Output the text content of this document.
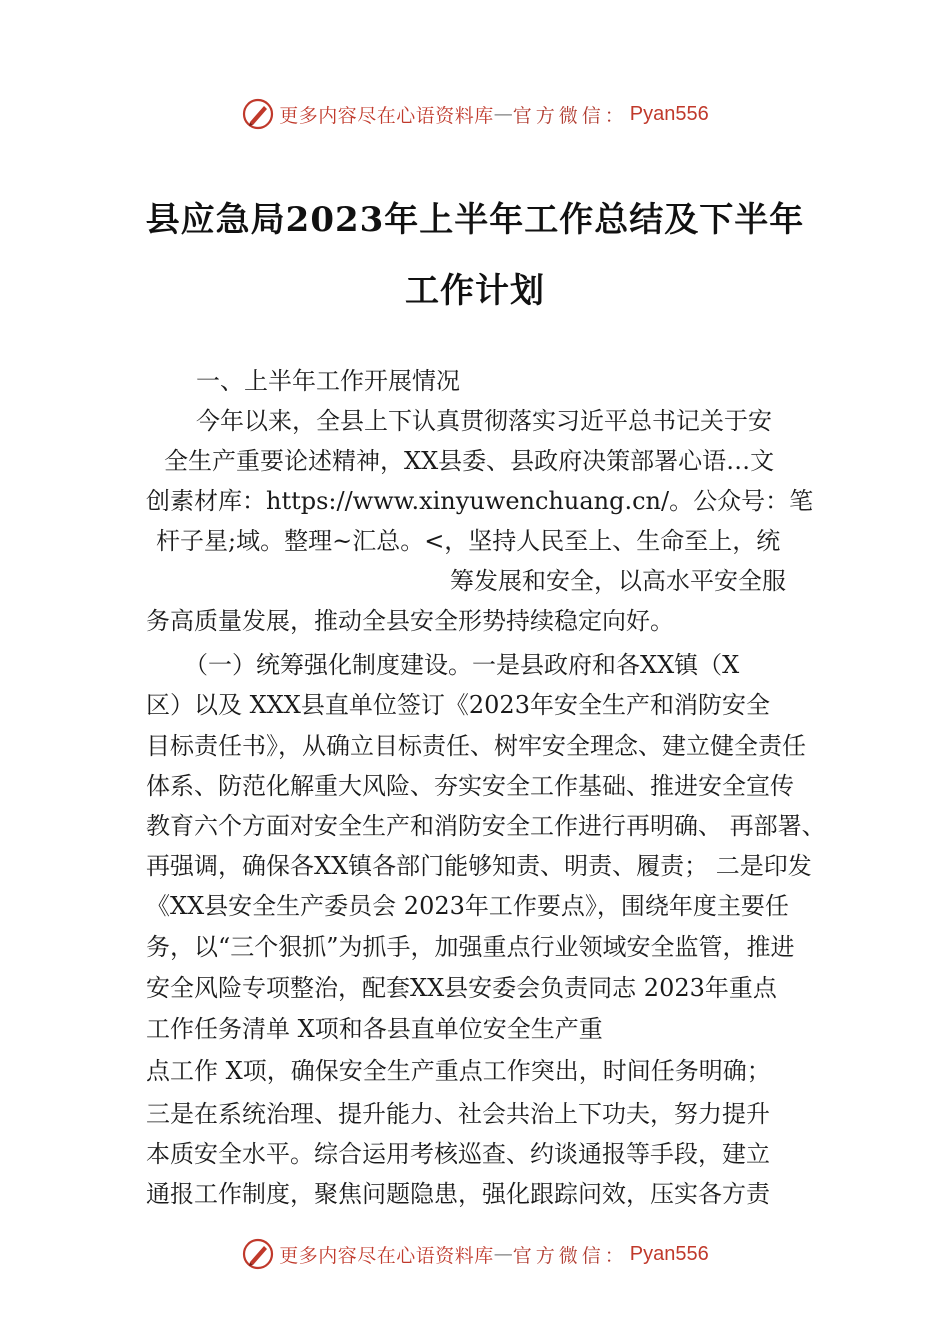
更多内容尽在心语资料库 — 官方微信： Pyan556
县应急局2023年上半年工作总结及下半年
工作计划
一、上半年工作开展情况
今年以来，全县上下认真贯彻落实习近平总书记关于安
全生产重要论述精神，XX县委、县政府决策部署心语…文
创素材库：https://www.xinyuwenchuang.cn/。公众号：笔
杆子星;域。整理~汇总。<，坚持人民至上、生命至上，统
筹发展和安全，以高水平安全服
务高质量发展，推动全县安全形势持续稳定向好。
（一）统筹强化制度建设。一是县政府和各XX镇（X
区）以及 XXX县直单位签订《2023年安全生产和消防安全
目标责任书》，从确立目标责任、树牢安全理念、建立健全责任
体系、防范化解重大风险、夯实安全工作基础、推进安全宣传
教育六个方面对安全生产和消防安全工作进行再明确、 再部署、
再强调，确保各XX镇各部门能够知责、明责、履责； 二是印发
《XX县安全生产委员会 2023年工作要点》，围绕年度主要任
务，以“三个狠抓”为抓手，加强重点行业领域安全监管，推进
安全风险专项整治，配套XX县安委会负责同志 2023年重点
工作任务清单 X项和各县直单位安全生产重
点工作 X项，确保安全生产重点工作突出，时间任务明确；
三是在系统治理、提升能力、社会共治上下功夫，努力提升
本质安全水平。综合运用考核巡查、约谈通报等手段，建立
通报工作制度，聚焦问题隐患，强化跟踪问效，压实各方责
更多内容尽在心语资料库 — 官方微信： Pyan556
